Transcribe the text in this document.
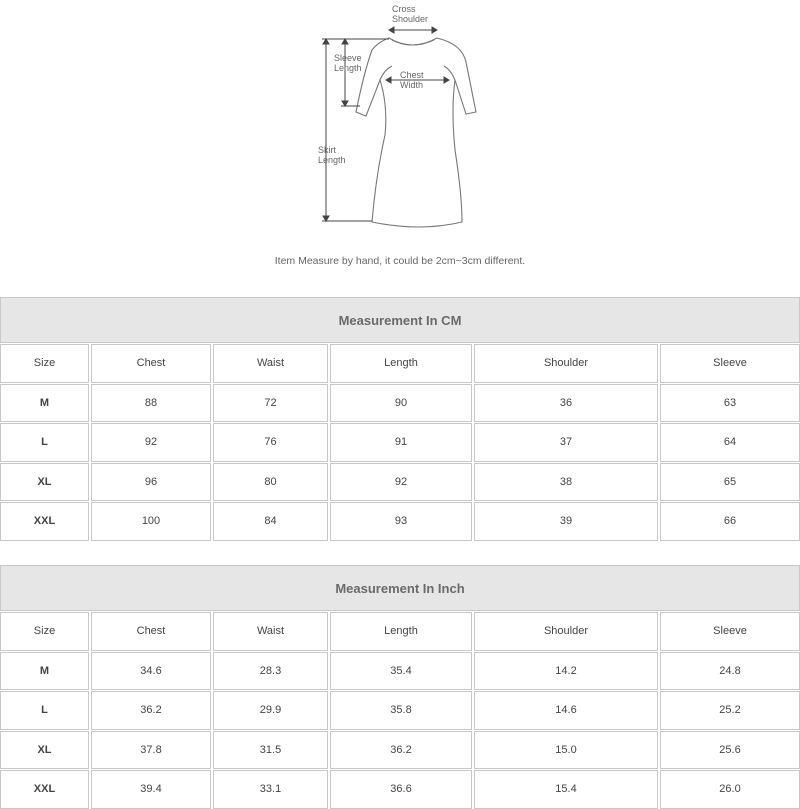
Cross
Shoulder
Sleeve
Length
Chest
Width
Skirt
Length
Item Measure by hand, it could be 2cm~3cm different.
Measurement In CM
Size	Chest	Waist	Length	Shoulder	Sleeve
M	88	72	90	36	63
L	92	76	91	37	64
XL	96	80	92	38	65
XXL	100	84	93	39	66
Measurement In Inch
Size	Chest	Waist	Length	Shoulder	Sleeve
M	34.6	28.3	35.4	14.2	24.8
L	36.2	29.9	35.8	14.6	25.2
XL	37.8	31.5	36.2	15.0	25.6
XXL	39.4	33.1	36.6	15.4	26.0
